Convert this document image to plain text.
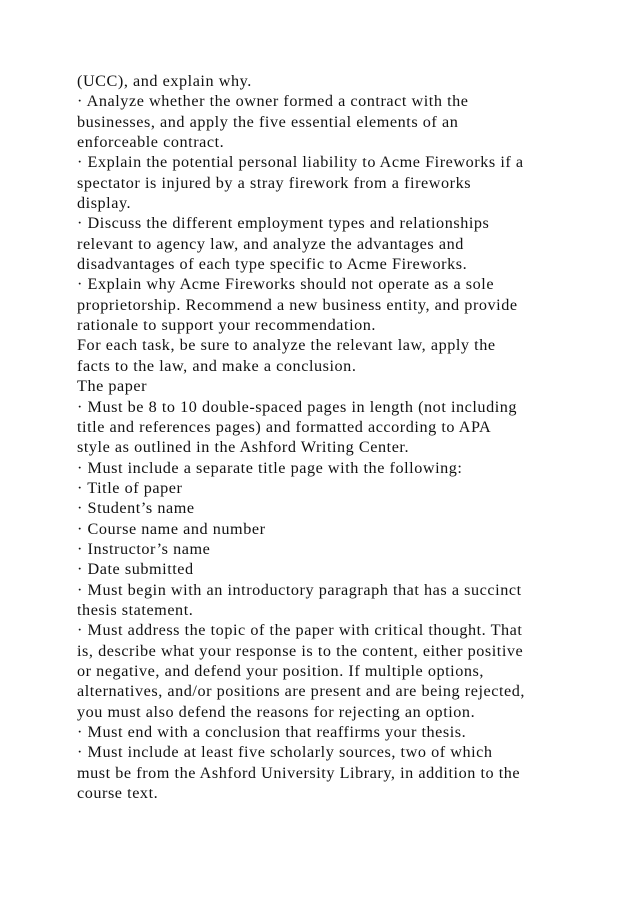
(UCC), and explain why.
· Analyze whether the owner formed a contract with the
businesses, and apply the five essential elements of an
enforceable contract.
· Explain the potential personal liability to Acme Fireworks if a
spectator is injured by a stray firework from a fireworks
display.
· Discuss the different employment types and relationships
relevant to agency law, and analyze the advantages and
disadvantages of each type specific to Acme Fireworks.
· Explain why Acme Fireworks should not operate as a sole
proprietorship. Recommend a new business entity, and provide
rationale to support your recommendation.
For each task, be sure to analyze the relevant law, apply the
facts to the law, and make a conclusion.
The paper
· Must be 8 to 10 double-spaced pages in length (not including
title and references pages) and formatted according to APA
style as outlined in the Ashford Writing Center.
· Must include a separate title page with the following:
· Title of paper
· Student’s name
· Course name and number
· Instructor’s name
· Date submitted
· Must begin with an introductory paragraph that has a succinct
thesis statement.
· Must address the topic of the paper with critical thought. That
is, describe what your response is to the content, either positive
or negative, and defend your position. If multiple options,
alternatives, and/or positions are present and are being rejected,
you must also defend the reasons for rejecting an option.
· Must end with a conclusion that reaffirms your thesis.
· Must include at least five scholarly sources, two of which
must be from the Ashford University Library, in addition to the
course text.
